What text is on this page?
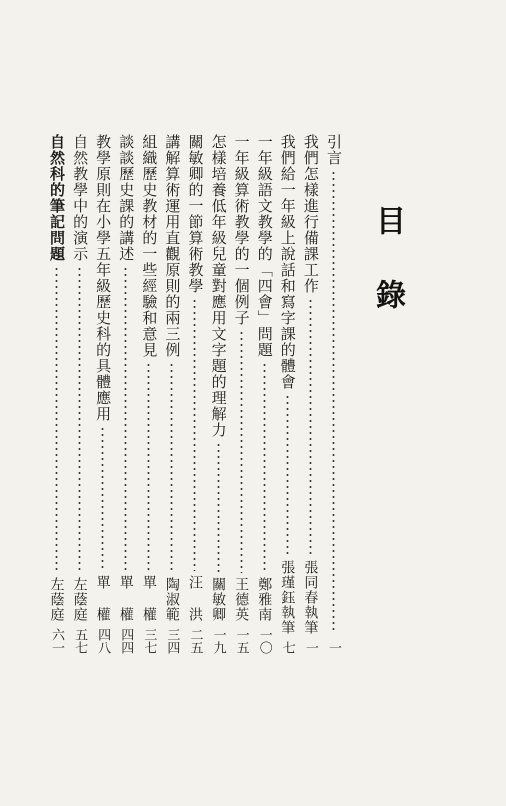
目錄
引言
一
我們怎樣進行備課工作
張同春執筆
一
我們給一年級上說話和寫字課的體會
張瑾鈺執筆
七
一年級語文教學的「四會」問題
鄭雅南
一〇
一年級算術教學的一個例子
王德英
一五
怎樣培養低年級兒童對應用文字題的理解力
關敏卿
一九
關敏卿的一節算術教學
汪 洪
二五
講解算術運用直觀原則的兩三例
陶淑範
三四
組織歷史教材的一些經驗和意見
單 權
三七
談談歷史課的講述
單 權
四四
教學原則在小學五年級歷史科的具體應用
單 權
四八
自然教學中的演示
左蔭庭
五七
自然科的筆記問題
左蔭庭
六一
